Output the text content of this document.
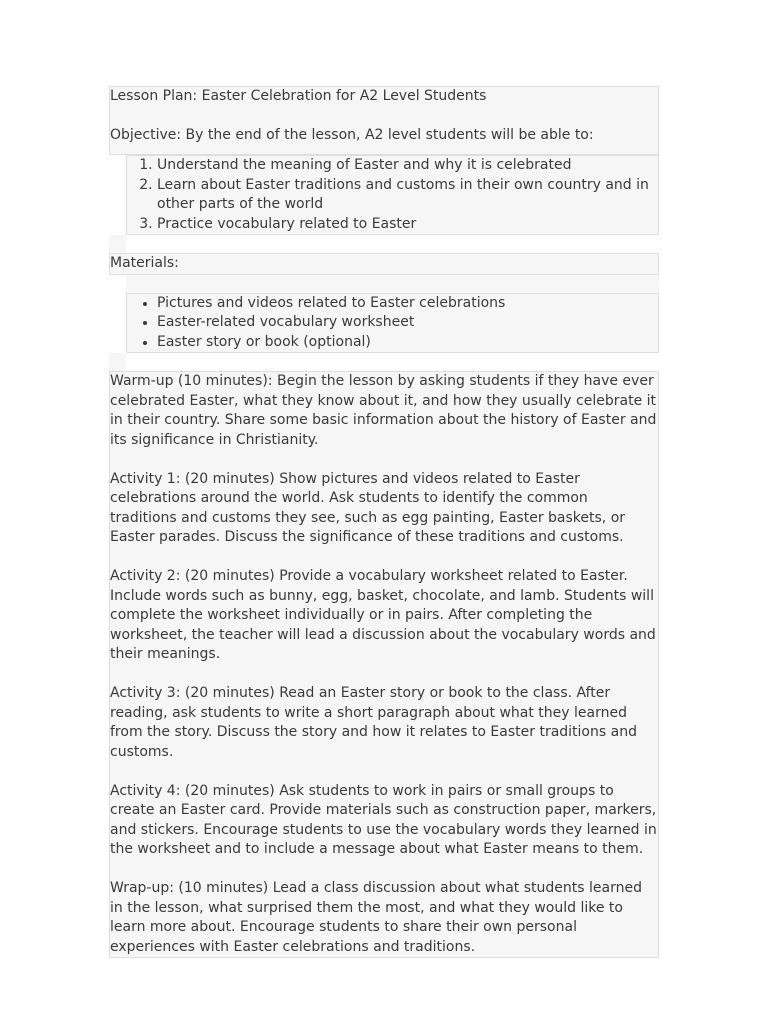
Lesson Plan: Easter Celebration for A2 Level Students

Objective: By the end of the lesson, A2 level students will be able to:

1. Understand the meaning of Easter and why it is celebrated
2. Learn about Easter traditions and customs in their own country and in other parts of the world
3. Practice vocabulary related to Easter

Materials:

• Pictures and videos related to Easter celebrations
• Easter-related vocabulary worksheet
• Easter story or book (optional)

Warm-up (10 minutes): Begin the lesson by asking students if they have ever celebrated Easter, what they know about it, and how they usually celebrate it in their country. Share some basic information about the history of Easter and its significance in Christianity.

Activity 1: (20 minutes) Show pictures and videos related to Easter celebrations around the world. Ask students to identify the common traditions and customs they see, such as egg painting, Easter baskets, or Easter parades. Discuss the significance of these traditions and customs.

Activity 2: (20 minutes) Provide a vocabulary worksheet related to Easter. Include words such as bunny, egg, basket, chocolate, and lamb. Students will complete the worksheet individually or in pairs. After completing the worksheet, the teacher will lead a discussion about the vocabulary words and their meanings.

Activity 3: (20 minutes) Read an Easter story or book to the class. After reading, ask students to write a short paragraph about what they learned from the story. Discuss the story and how it relates to Easter traditions and customs.

Activity 4: (20 minutes) Ask students to work in pairs or small groups to create an Easter card. Provide materials such as construction paper, markers, and stickers. Encourage students to use the vocabulary words they learned in the worksheet and to include a message about what Easter means to them.

Wrap-up: (10 minutes) Lead a class discussion about what students learned in the lesson, what surprised them the most, and what they would like to learn more about. Encourage students to share their own personal experiences with Easter celebrations and traditions.
